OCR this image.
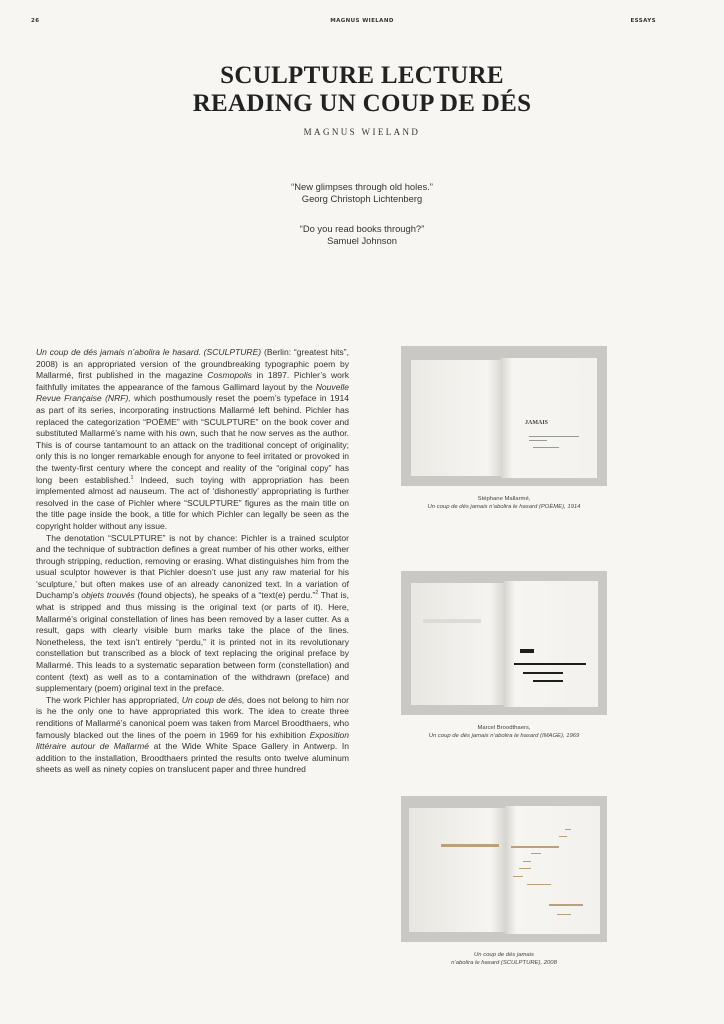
26	MAGNUS WIELAND	ESSAYS
SCULPTURE LECTURE
READING UN COUP DE DÉS
MAGNUS WIELAND
“New glimpses through old holes.”
Georg Christoph Lichtenberg
“Do you read books through?”
Samuel Johnson

Un coup de dés jamais n’abolira le hasard. (SCULPTURE) (Berlin: “greatest hits”, 2008) is an appropriated version of the groundbreaking typographic poem by Mallarmé, first published in the magazine Cosmopolis in 1897. Pichler’s work faithfully imitates the appearance of the famous Gallimard layout by the Nouvelle Revue Française (NRF), which posthumously reset the poem’s typeface in 1914 as part of its series, incorporating instructions Mallarmé left behind. Pichler has replaced the categorization “POÈME” with “SCULPTURE” on the book cover and substituted Mallarmé’s name with his own, such that he now serves as the author. This is of course tantamount to an attack on the traditional concept of originality; only this is no longer remarkable enough for anyone to feel irritated or provoked in the twenty-first century where the concept and reality of the “original copy” has long been established.$^1$ Indeed, such toying with appropriation has been implemented almost ad nauseum. The act of ‘dishonestly’ appropriating is further resolved in the case of Pichler where “SCULPTURE” figures as the main title on the title page inside the book, a title for which Pichler can legally be seen as the copyright holder without any issue.

The denotation “SCULPTURE” is not by chance: Pichler is a trained sculptor and the technique of subtraction defines a great number of his other works, either through stripping, reduction, removing or erasing. What distinguishes him from the usual sculptor however is that Pichler doesn’t use just any raw material for his ‘sculpture,’ but often makes use of an already canonized text. In a variation of Duchamp’s objets trouvés (found objects), he speaks of a “text(e) perdu.”$^2$ That is, what is stripped and thus missing is the original text (or parts of it). Here, Mallarmé’s original constellation of lines has been removed by a laser cutter. As a result, gaps with clearly visible burn marks take the place of the lines. Nonetheless, the text isn’t entirely “perdu,” it is printed not in its revolutionary constellation but transcribed as a block of text replacing the original preface by Mallarmé. This leads to a systematic separation between form (constellation) and content (text) as well as to a contamination of the withdrawn (preface) and supplementary (poem) original text in the preface.

The work Pichler has appropriated, Un coup de dés, does not belong to him nor is he the only one to have appropriated this work. The idea to create three renditions of Mallarmé’s canonical poem was taken from Marcel Broodthaers, who famously blacked out the lines of the poem in 1969 for his exhibition Exposition littéraire autour de Mallarmé at the Wide White Space Gallery in Antwerp. In addition to the installation, Broodthaers printed the results onto twelve aluminum sheets as well as ninety copies on translucent paper and three hundred

JAMAIS
Stéphane Mallarmé,
Un coup de dés jamais n’abolira le hasard (POÈME), 1914
Marcel Broodthaers,
Un coup de dés jamais n’abolira le hasard (IMAGE), 1969
Un coup de dés jamais
n’abolira le hasard (SCULPTURE), 2008
